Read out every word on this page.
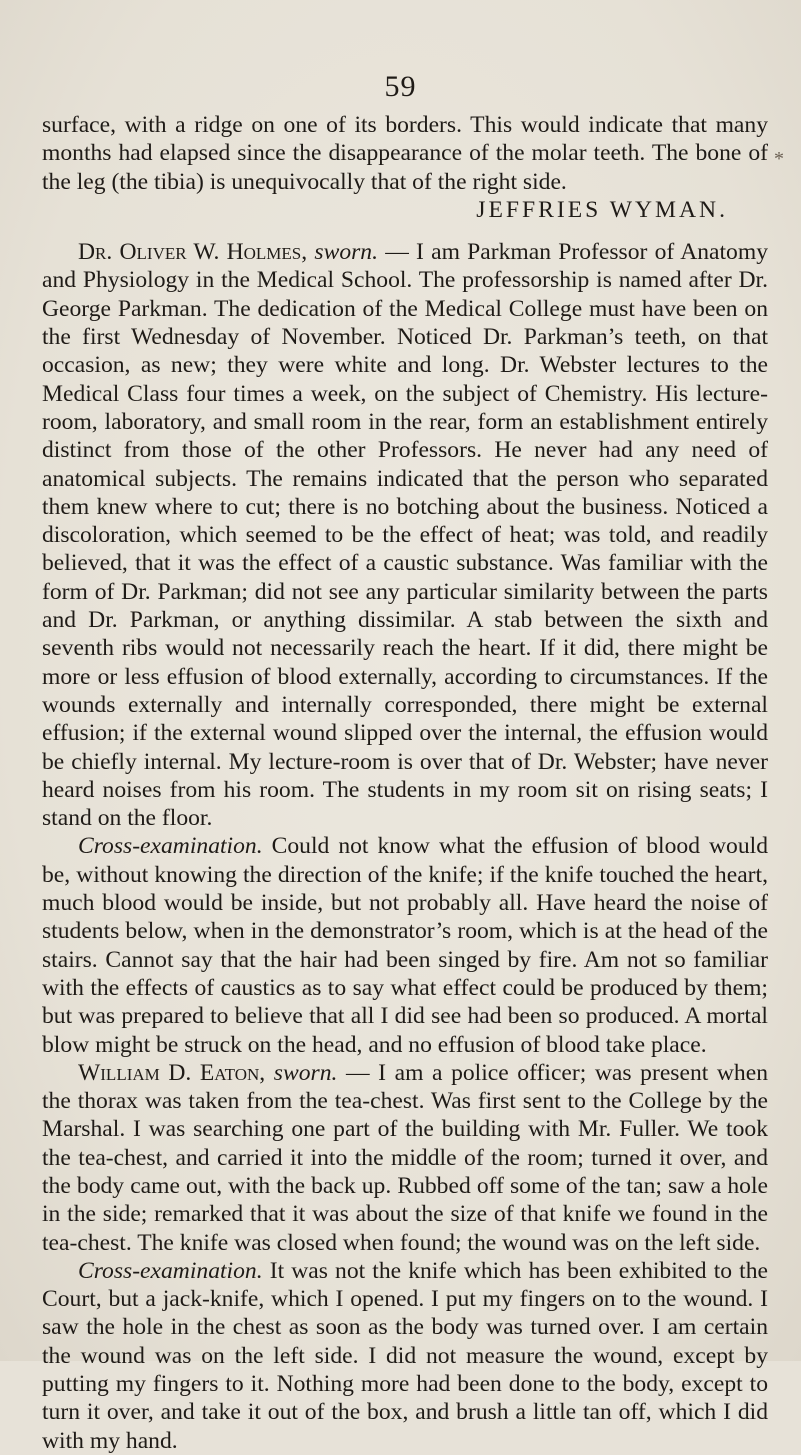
59
*

surface, with a ridge on one of its borders. This would indicate that many months had elapsed since the disappearance of the molar teeth. The bone of the leg (the tibia) is unequivocally that of the right side.

JEFFRIES WYMAN.

Dr. Oliver W. Holmes, sworn. — I am Parkman Professor of Anatomy and Physiology in the Medical School. The professorship is named after Dr. George Parkman. The dedication of the Medical College must have been on the first Wednesday of November. Noticed Dr. Parkman’s teeth, on that occasion, as new; they were white and long. Dr. Webster lectures to the Medical Class four times a week, on the subject of Chemistry. His lecture-room, laboratory, and small room in the rear, form an establishment entirely distinct from those of the other Professors. He never had any need of anatomical subjects. The remains indicated that the person who separated them knew where to cut; there is no botching about the business. Noticed a discoloration, which seemed to be the effect of heat; was told, and readily believed, that it was the effect of a caustic substance. Was familiar with the form of Dr. Parkman; did not see any particular similarity between the parts and Dr. Parkman, or anything dissimilar. A stab between the sixth and seventh ribs would not necessarily reach the heart. If it did, there might be more or less effusion of blood externally, according to circumstances. If the wounds externally and internally corresponded, there might be external effusion; if the external wound slipped over the internal, the effusion would be chiefly internal. My lecture-room is over that of Dr. Webster; have never heard noises from his room. The students in my room sit on rising seats; I stand on the floor.

Cross-examination. Could not know what the effusion of blood would be, without knowing the direction of the knife; if the knife touched the heart, much blood would be inside, but not probably all. Have heard the noise of students below, when in the demonstrator’s room, which is at the head of the stairs. Cannot say that the hair had been singed by fire. Am not so familiar with the effects of caustics as to say what effect could be produced by them; but was prepared to believe that all I did see had been so produced. A mortal blow might be struck on the head, and no effusion of blood take place.

William D. Eaton, sworn. — I am a police officer; was present when the thorax was taken from the tea-chest. Was first sent to the College by the Marshal. I was searching one part of the building with Mr. Fuller. We took the tea-chest, and carried it into the middle of the room; turned it over, and the body came out, with the back up. Rubbed off some of the tan; saw a hole in the side; remarked that it was about the size of that knife we found in the tea-chest. The knife was closed when found; the wound was on the left side.

Cross-examination. It was not the knife which has been exhibited to the Court, but a jack-knife, which I opened. I put my fingers on to the wound. I saw the hole in the chest as soon as the body was turned over. I am certain the wound was on the left side. I did not measure the wound, except by putting my fingers to it. Nothing more had been done to the body, except to turn it over, and take it out of the box, and brush a little tan off, which I did with my hand.
